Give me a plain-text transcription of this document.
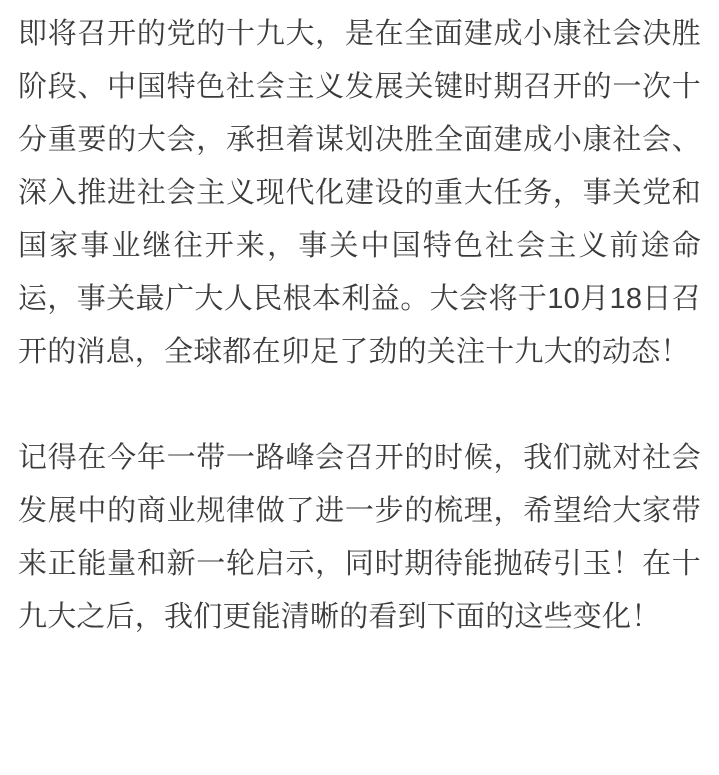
即将召开的党的十九大，是在全面建成小康社会决胜阶段、中国特色社会主义发展关键时期召开的一次十分重要的大会，承担着谋划决胜全面建成小康社会、深入推进社会主义现代化建设的重大任务，事关党和国家事业继往开来，事关中国特色社会主义前途命运，事关最广大人民根本利益。大会将于10月18日召开的消息，全球都在卯足了劲的关注十九大的动态！

记得在今年一带一路峰会召开的时候，我们就对社会发展中的商业规律做了进一步的梳理，希望给大家带来正能量和新一轮启示，同时期待能抛砖引玉！在十九大之后，我们更能清晰的看到下面的这些变化！
